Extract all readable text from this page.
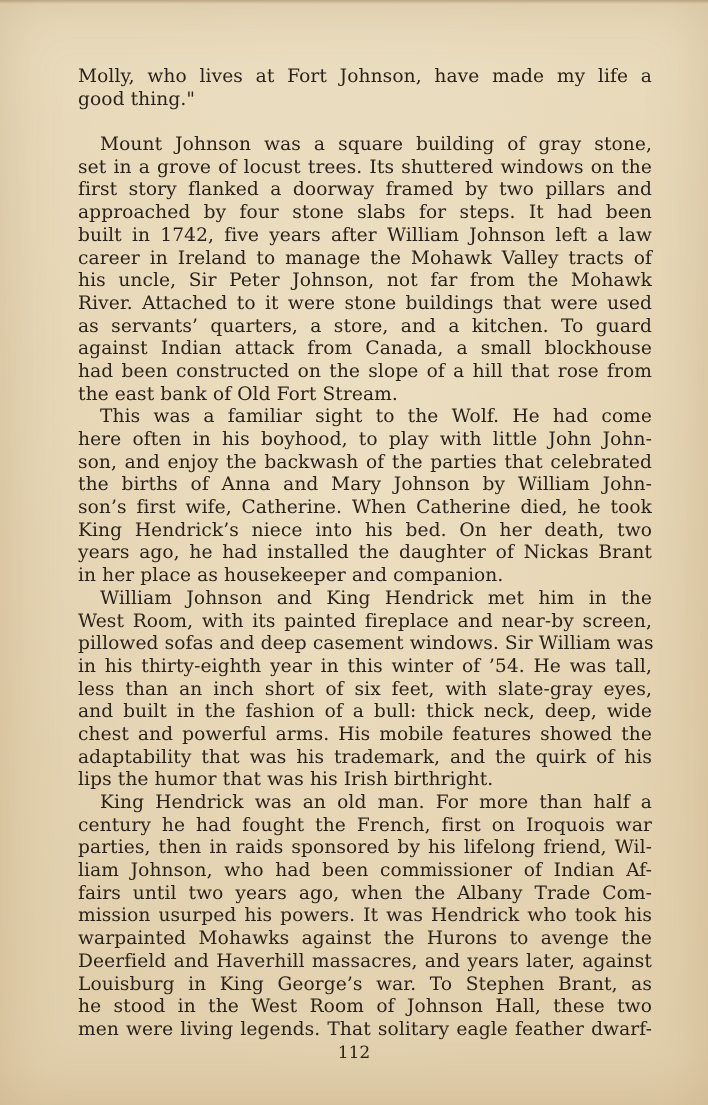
Molly, who lives at Fort Johnson, have made my life a
good thing."
Mount Johnson was a square building of gray stone,
set in a grove of locust trees. Its shuttered windows on the
first story flanked a doorway framed by two pillars and
approached by four stone slabs for steps. It had been
built in 1742, five years after William Johnson left a law
career in Ireland to manage the Mohawk Valley tracts of
his uncle, Sir Peter Johnson, not far from the Mohawk
River. Attached to it were stone buildings that were used
as servants’ quarters, a store, and a kitchen. To guard
against Indian attack from Canada, a small blockhouse
had been constructed on the slope of a hill that rose from
the east bank of Old Fort Stream.
This was a familiar sight to the Wolf. He had come
here often in his boyhood, to play with little John John-
son, and enjoy the backwash of the parties that celebrated
the births of Anna and Mary Johnson by William John-
son’s first wife, Catherine. When Catherine died, he took
King Hendrick’s niece into his bed. On her death, two
years ago, he had installed the daughter of Nickas Brant
in her place as housekeeper and companion.
William Johnson and King Hendrick met him in the
West Room, with its painted fireplace and near-by screen,
pillowed sofas and deep casement windows. Sir William was
in his thirty-eighth year in this winter of ’54. He was tall,
less than an inch short of six feet, with slate-gray eyes,
and built in the fashion of a bull: thick neck, deep, wide
chest and powerful arms. His mobile features showed the
adaptability that was his trademark, and the quirk of his
lips the humor that was his Irish birthright.
King Hendrick was an old man. For more than half a
century he had fought the French, first on Iroquois war
parties, then in raids sponsored by his lifelong friend, Wil-
liam Johnson, who had been commissioner of Indian Af-
fairs until two years ago, when the Albany Trade Com-
mission usurped his powers. It was Hendrick who took his
warpainted Mohawks against the Hurons to avenge the
Deerfield and Haverhill massacres, and years later, against
Louisburg in King George’s war. To Stephen Brant, as
he stood in the West Room of Johnson Hall, these two
men were living legends. That solitary eagle feather dwarf-
112
